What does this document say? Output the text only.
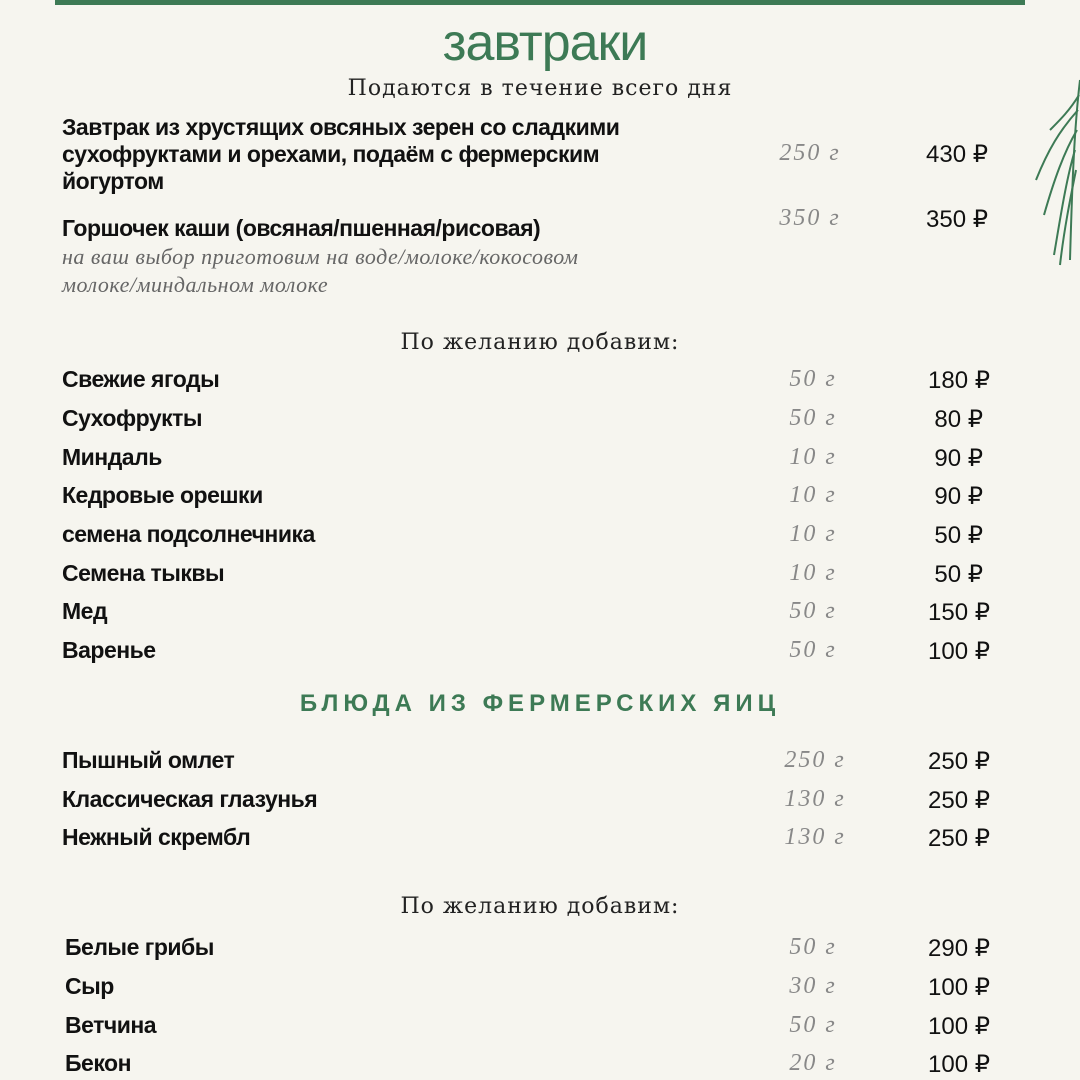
завтраки
Подаются в течение всего дня
Завтрак из хрустящих овсяных зерен со сладкими
сухофруктами и орехами, подаём с фермерским
йогуртом
250 г	430 ₽
Горшочек каши (овсяная/пшенная/рисовая)
на ваш выбор приготовим на воде/молоке/кокосовом
молоке/миндальном молоке
350 г	350 ₽
По желанию добавим:
Свежие ягоды	50 г	180 ₽
Сухофрукты	50 г	80 ₽
Миндаль	10 г	90 ₽
Кедровые орешки	10 г	90 ₽
семена подсолнечника	10 г	50 ₽
Семена тыквы	10 г	50 ₽
Мед	50 г	150 ₽
Варенье	50 г	100 ₽
БЛЮДА ИЗ ФЕРМЕРСКИХ ЯИЦ
Пышный омлет	250 г	250 ₽
Классическая глазунья	130 г	250 ₽
Нежный скрембл	130 г	250 ₽
По желанию добавим:
Белые грибы	50 г	290 ₽
Сыр	30 г	100 ₽
Ветчина	50 г	100 ₽
Бекон	20 г	100 ₽
